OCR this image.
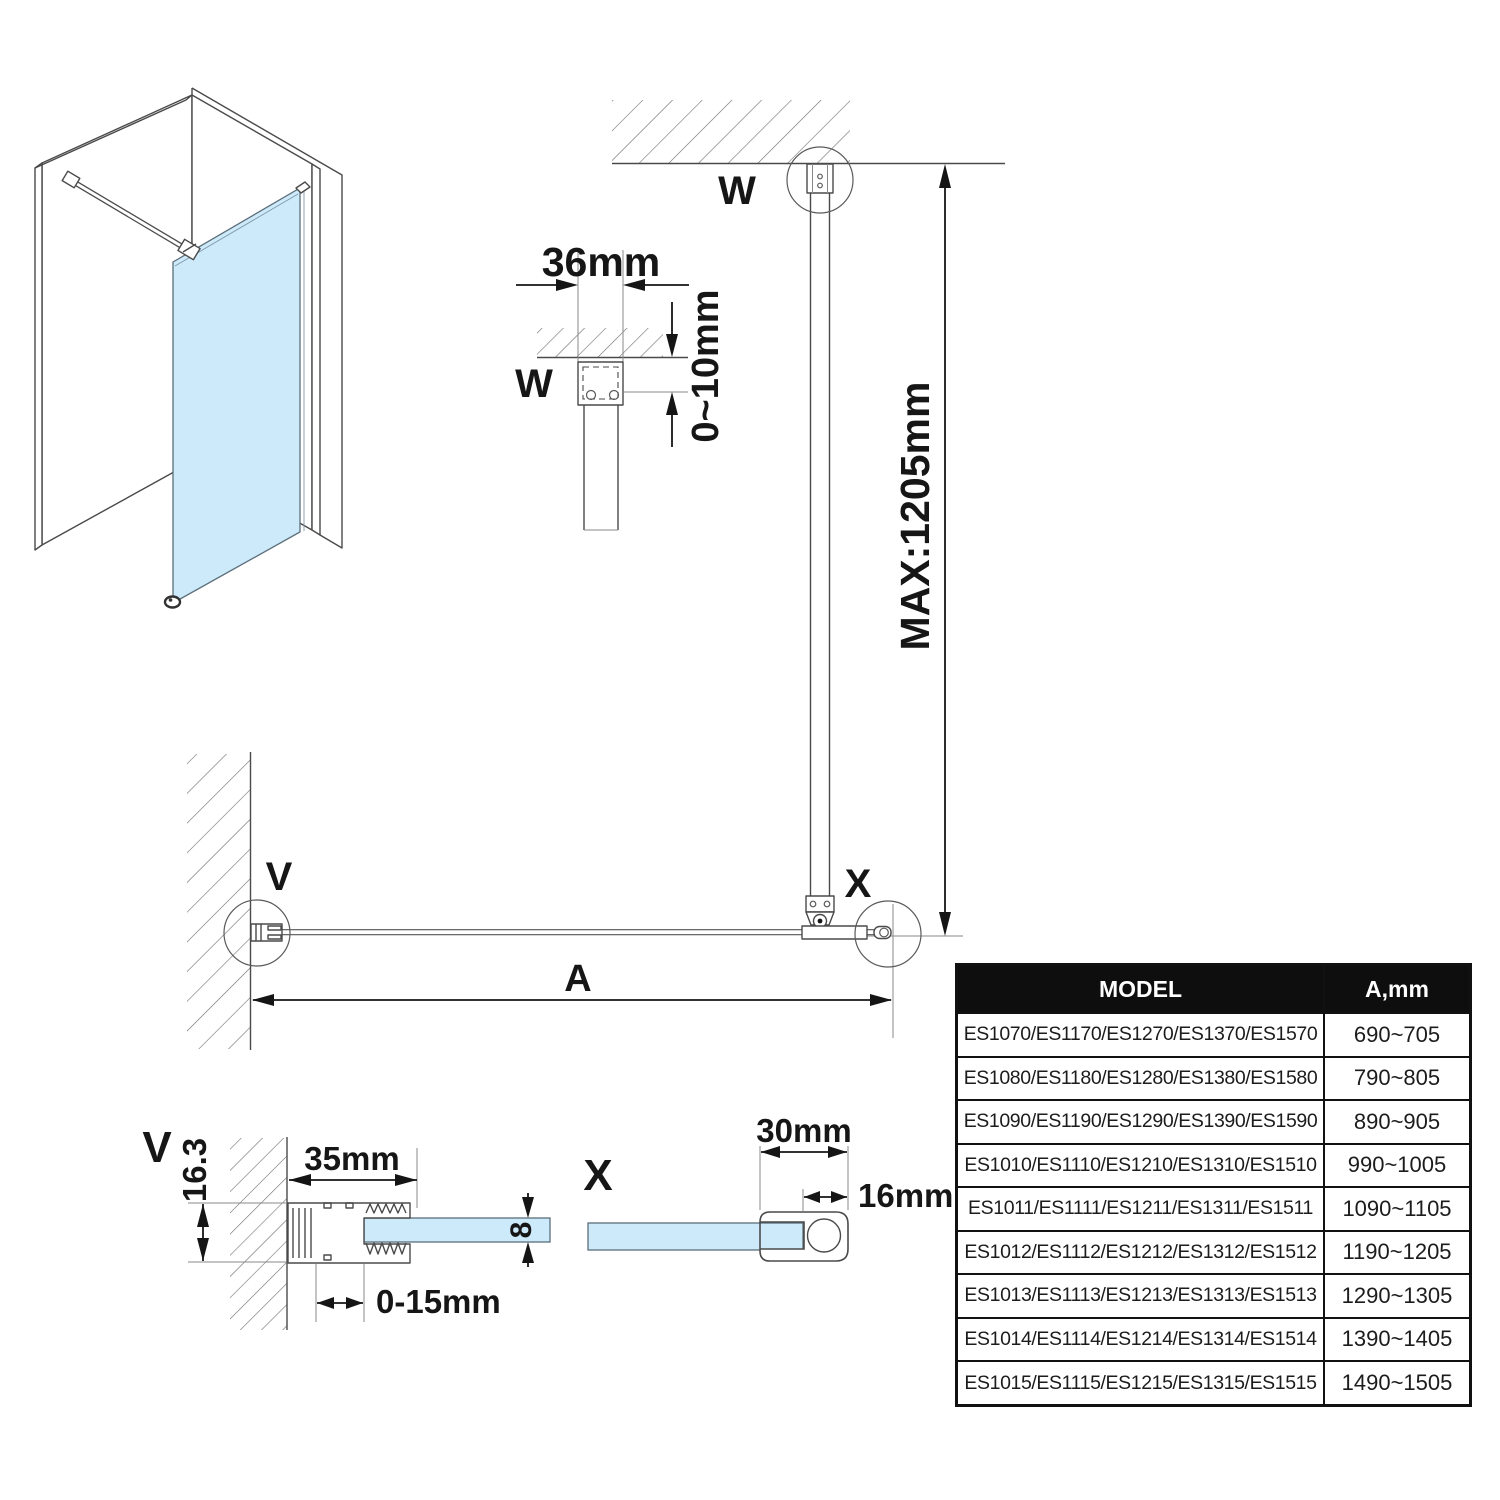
W
X
V
A
MAX:1205mm
36mm
0~10mm
W
V	35mm
16.3
0-15mm
8
X
30mm
16mm
MODEL	A,mm
ES1070/ES1170/ES1270/ES1370/ES1570	690~705
ES1080/ES1180/ES1280/ES1380/ES1580	790~805
ES1090/ES1190/ES1290/ES1390/ES1590	890~905
ES1010/ES1110/ES1210/ES1310/ES1510	990~1005
ES1011/ES1111/ES1211/ES1311/ES1511	1090~1105
ES1012/ES1112/ES1212/ES1312/ES1512	1190~1205
ES1013/ES1113/ES1213/ES1313/ES1513	1290~1305
ES1014/ES1114/ES1214/ES1314/ES1514	1390~1405
ES1015/ES1115/ES1215/ES1315/ES1515	1490~1505
